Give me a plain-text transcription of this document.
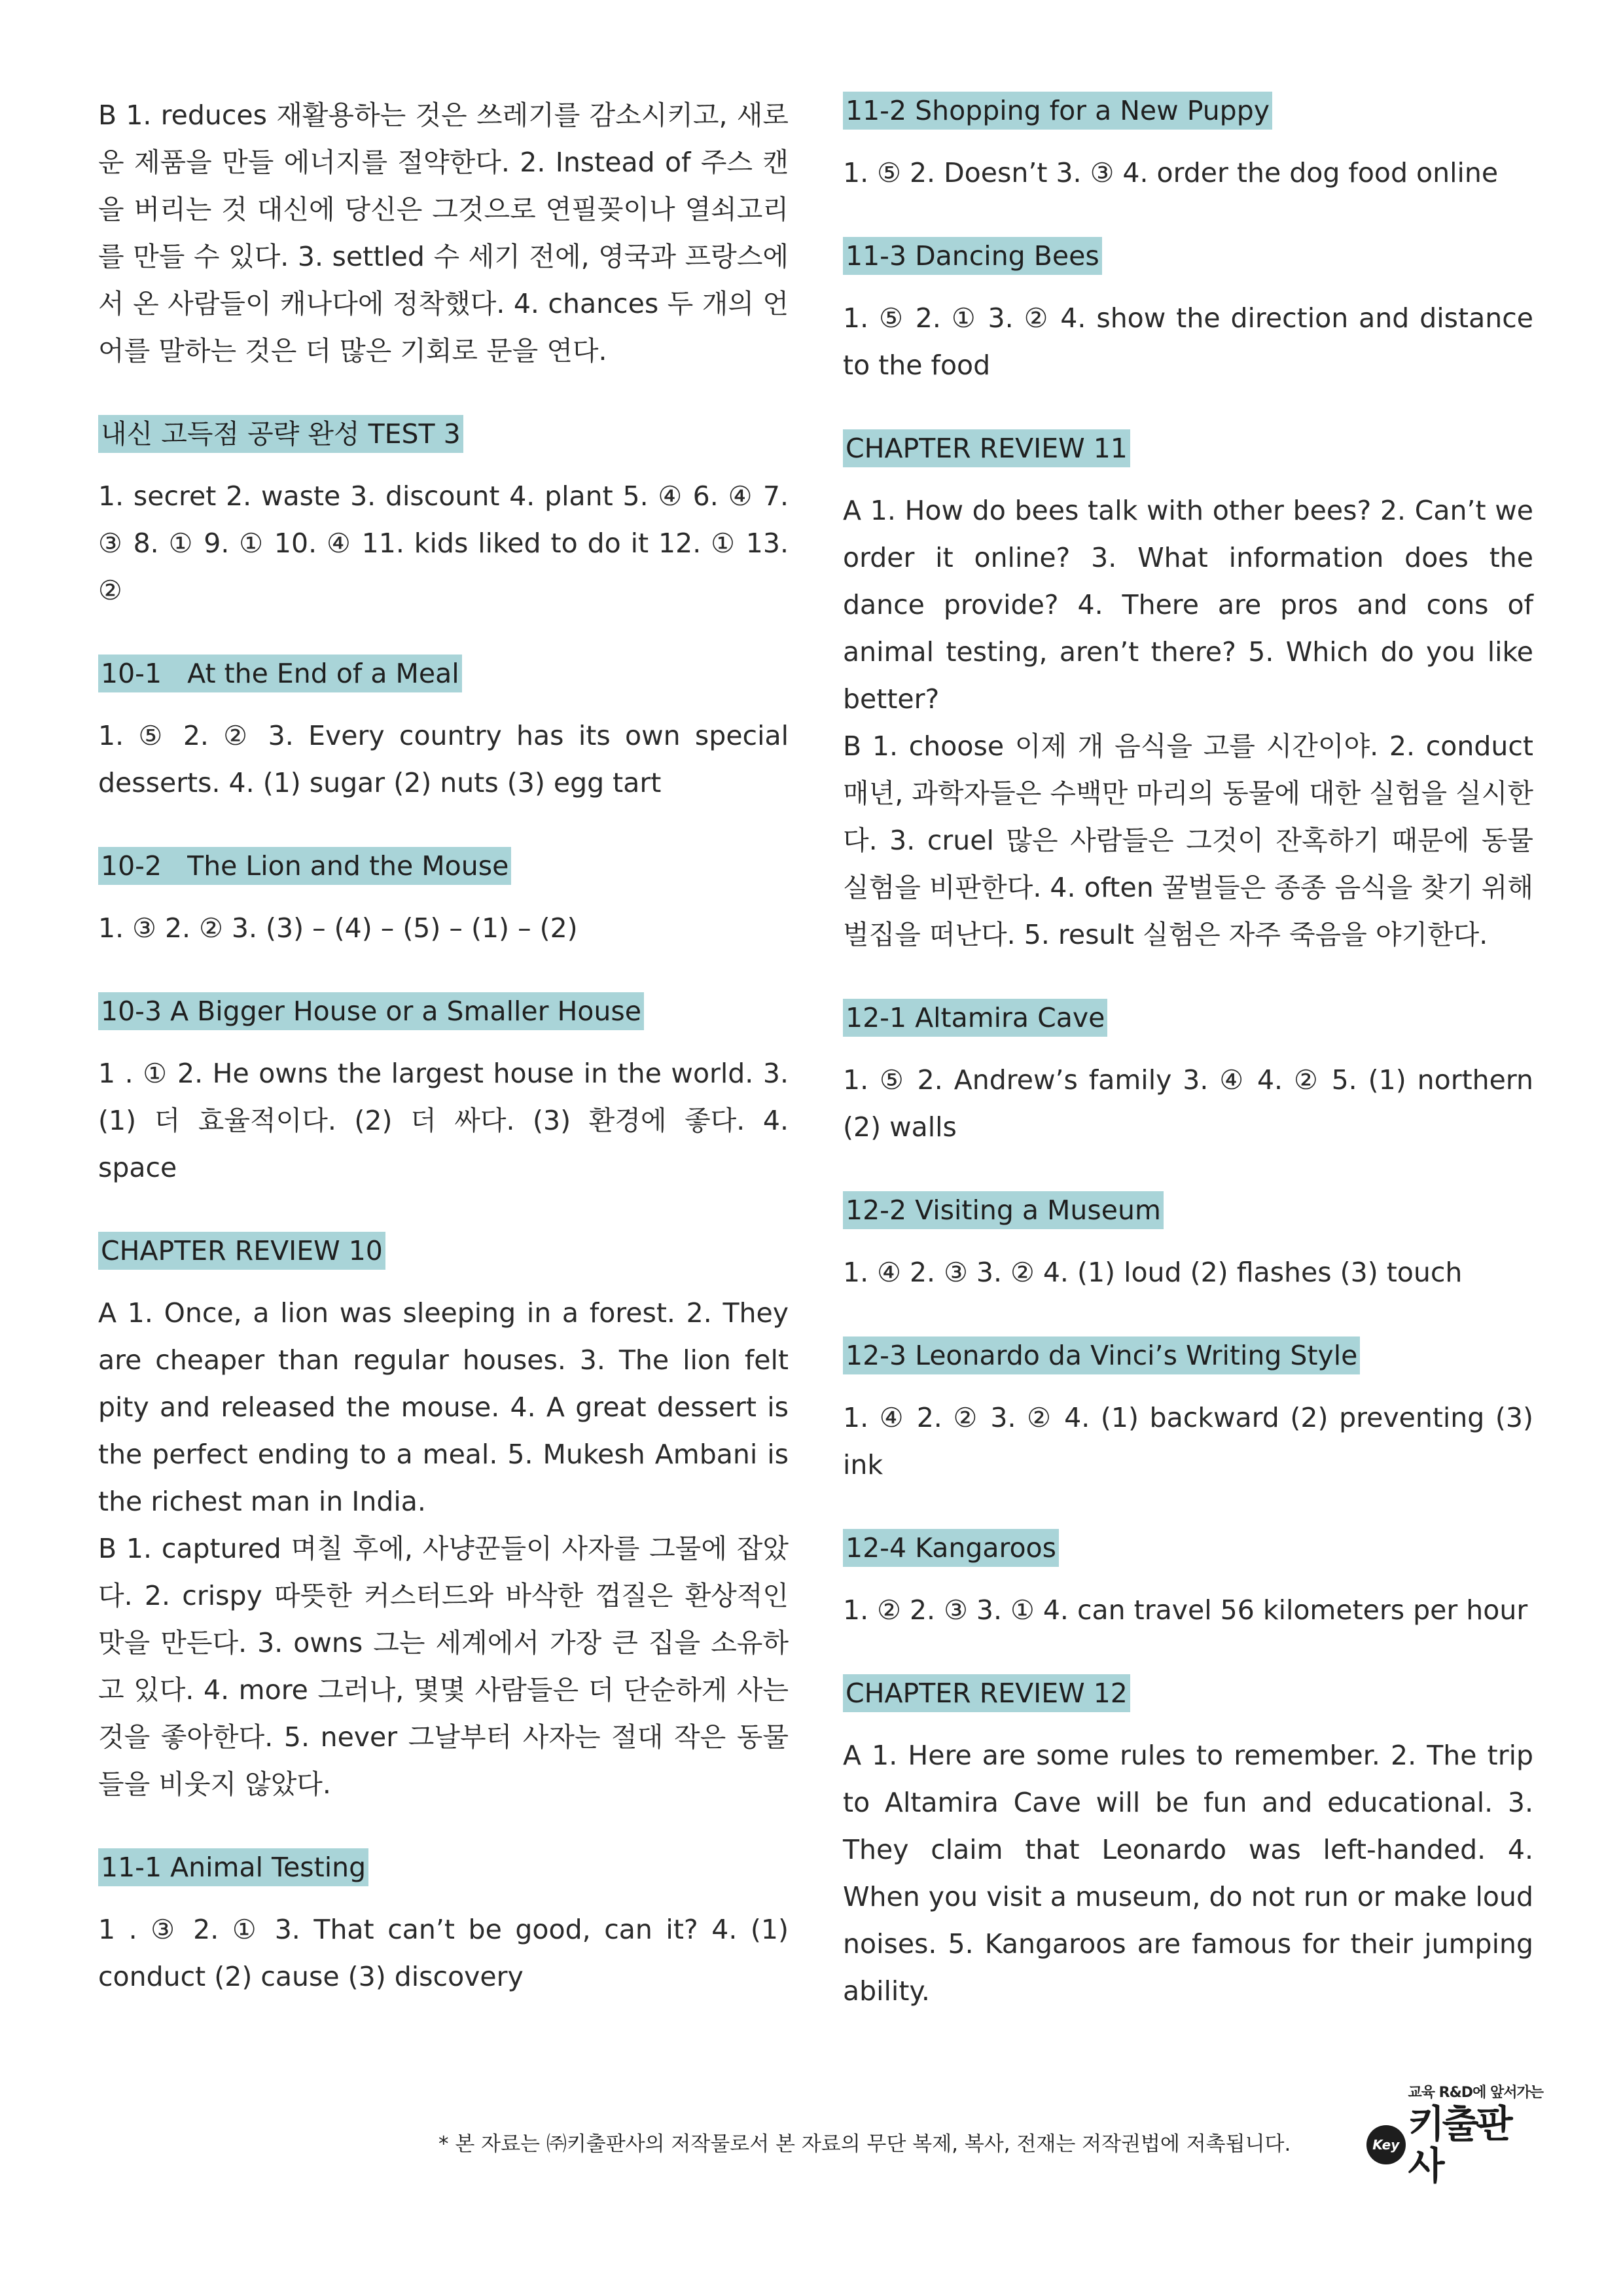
B 1. reduces 재활용하는 것은 쓰레기를 감소시키고, 새로운 제품을 만들 에너지를 절약한다. 2. Instead of 주스 캔을 버리는 것 대신에 당신은 그것으로 연필꽂이나 열쇠고리를 만들 수 있다. 3. settled 수 세기 전에, 영국과 프랑스에서 온 사람들이 캐나다에 정착했다. 4. chances 두 개의 언어를 말하는 것은 더 많은 기회로 문을 연다.

내신 고득점 공략 완성 TEST 3

1. secret 2. waste 3. discount 4. plant 5. ④ 6. ④ 7. ③ 8. ① 9. ① 10. ④ 11. kids liked to do it 12. ① 13. ②

10-1   At the End of a Meal

1. ⑤ 2. ② 3. Every country has its own special desserts. 4. (1) sugar (2) nuts (3) egg tart

10-2   The Lion and the Mouse

1. ③ 2. ② 3. (3) – (4) – (5) – (1) – (2)

10-3 A Bigger House or a Smaller House

1 . ① 2. He owns the largest house in the world. 3. (1) 더 효율적이다. (2) 더 싸다. (3) 환경에 좋다. 4. space

CHAPTER REVIEW 10

A 1. Once, a lion was sleeping in a forest. 2. They are cheaper than regular houses. 3. The lion felt pity and released the mouse. 4. A great dessert is the perfect ending to a meal. 5. Mukesh Ambani is the richest man in India.

B 1. captured 며칠 후에, 사냥꾼들이 사자를 그물에 잡았다. 2. crispy 따뜻한 커스터드와 바삭한 껍질은 환상적인 맛을 만든다. 3. owns 그는 세계에서 가장 큰 집을 소유하고 있다. 4. more 그러나, 몇몇 사람들은 더 단순하게 사는 것을 좋아한다. 5. never 그날부터 사자는 절대 작은 동물들을 비웃지 않았다.

11-1 Animal Testing

1 . ③ 2. ① 3. That can’t be good, can it? 4. (1) conduct (2) cause (3) discovery

11-2 Shopping for a New Puppy

1. ⑤ 2. Doesn’t 3. ③ 4. order the dog food online

11-3 Dancing Bees

1. ⑤ 2. ① 3. ② 4. show the direction and distance to the food

CHAPTER REVIEW 11

A 1. How do bees talk with other bees? 2. Can’t we order it online? 3. What information does the dance provide? 4. There are pros and cons of animal testing, aren’t there? 5. Which do you like better?

B 1. choose 이제 개 음식을 고를 시간이야. 2. conduct 매년, 과학자들은 수백만 마리의 동물에 대한 실험을 실시한다. 3. cruel 많은 사람들은 그것이 잔혹하기 때문에 동물 실험을 비판한다. 4. often 꿀벌들은 종종 음식을 찾기 위해 벌집을 떠난다. 5. result 실험은 자주 죽음을 야기한다.

12-1 Altamira Cave

1. ⑤ 2. Andrew’s family 3. ④ 4. ② 5. (1) northern (2) walls

12-2 Visiting a Museum

1. ④ 2. ③ 3. ② 4. (1) loud (2) flashes (3) touch

12-3 Leonardo da Vinci’s Writing Style

1. ④ 2. ② 3. ② 4. (1) backward (2) preventing (3) ink

12-4 Kangaroos

1. ② 2. ③ 3. ① 4. can travel 56 kilometers per hour

CHAPTER REVIEW 12

A 1. Here are some rules to remember. 2. The trip to Altamira Cave will be fun and educational. 3. They claim that Leonardo was left-handed. 4. When you visit a museum, do not run or make loud noises. 5. Kangaroos are famous for their jumping ability.

* 본 자료는 ㈜키출판사의 저작물로서 본 자료의 무단 복제, 복사, 전재는 저작권법에 저촉됩니다.
교육 R&D에 앞서가는
Key 키출판사
